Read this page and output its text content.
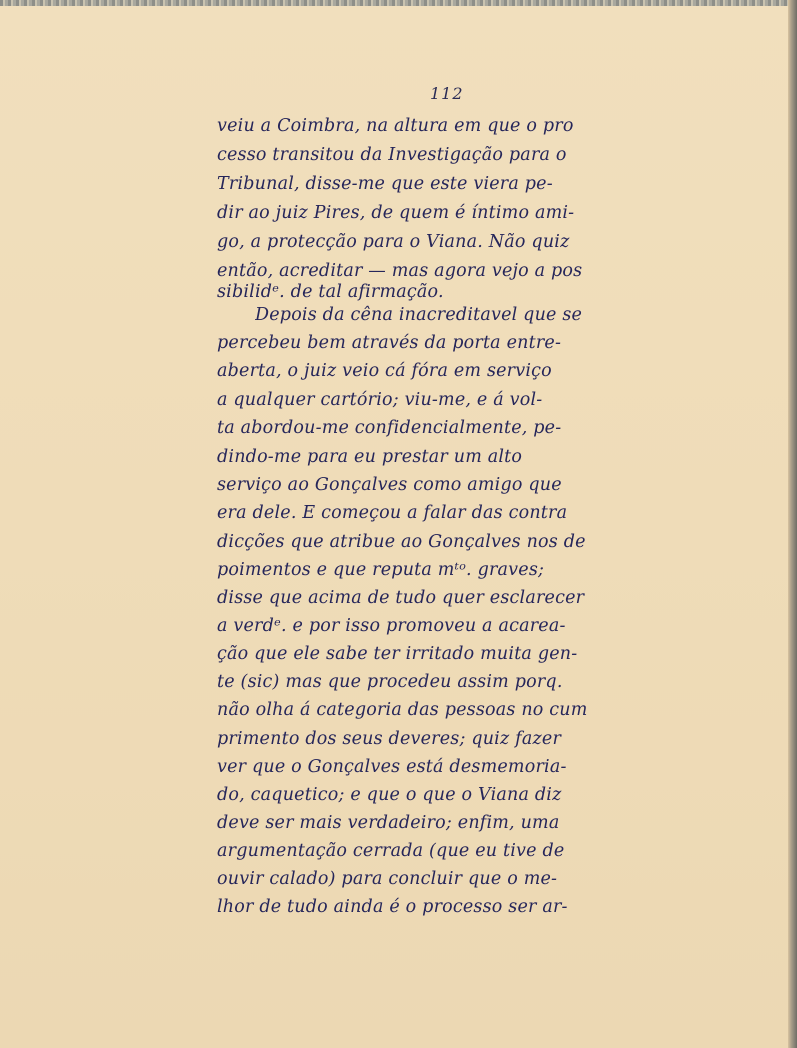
112
veiu a Coimbra, na altura em que o pro
cesso transitou da Investigação para o
Tribunal, disse-me que este viera pe-
dir ao juiz Pires, de quem é íntimo ami-
go, a protecção para o Viana. Não quiz
então, acreditar — mas agora vejo a pos
sibilidᵉ. de tal afirmação.
Depois da cêna inacreditavel que se
percebeu bem através da porta entre-
aberta, o juiz veio cá fóra em serviço
a qualquer cartório; viu-me, e á vol-
ta abordou-me confidencialmente, pe-
dindo-me para eu prestar um alto
serviço ao Gonçalves como amigo que
era dele. E começou a falar das contra
dicções que atribue ao Gonçalves nos de
poimentos e que reputa mᵗᵒ. graves;
disse que acima de tudo quer esclarecer
a verdᵉ. e por isso promoveu a acarea-
ção que ele sabe ter irritado muita gen-
te (sic) mas que procedeu assim porq.
não olha á categoria das pessoas no cum
primento dos seus deveres; quiz fazer
ver que o Gonçalves está desmemoria-
do, caquetico; e que o que o Viana diz
deve ser mais verdadeiro; enfim, uma
argumentação cerrada (que eu tive de
ouvir calado) para concluir que o me-
lhor de tudo ainda é o processo ser ar-
